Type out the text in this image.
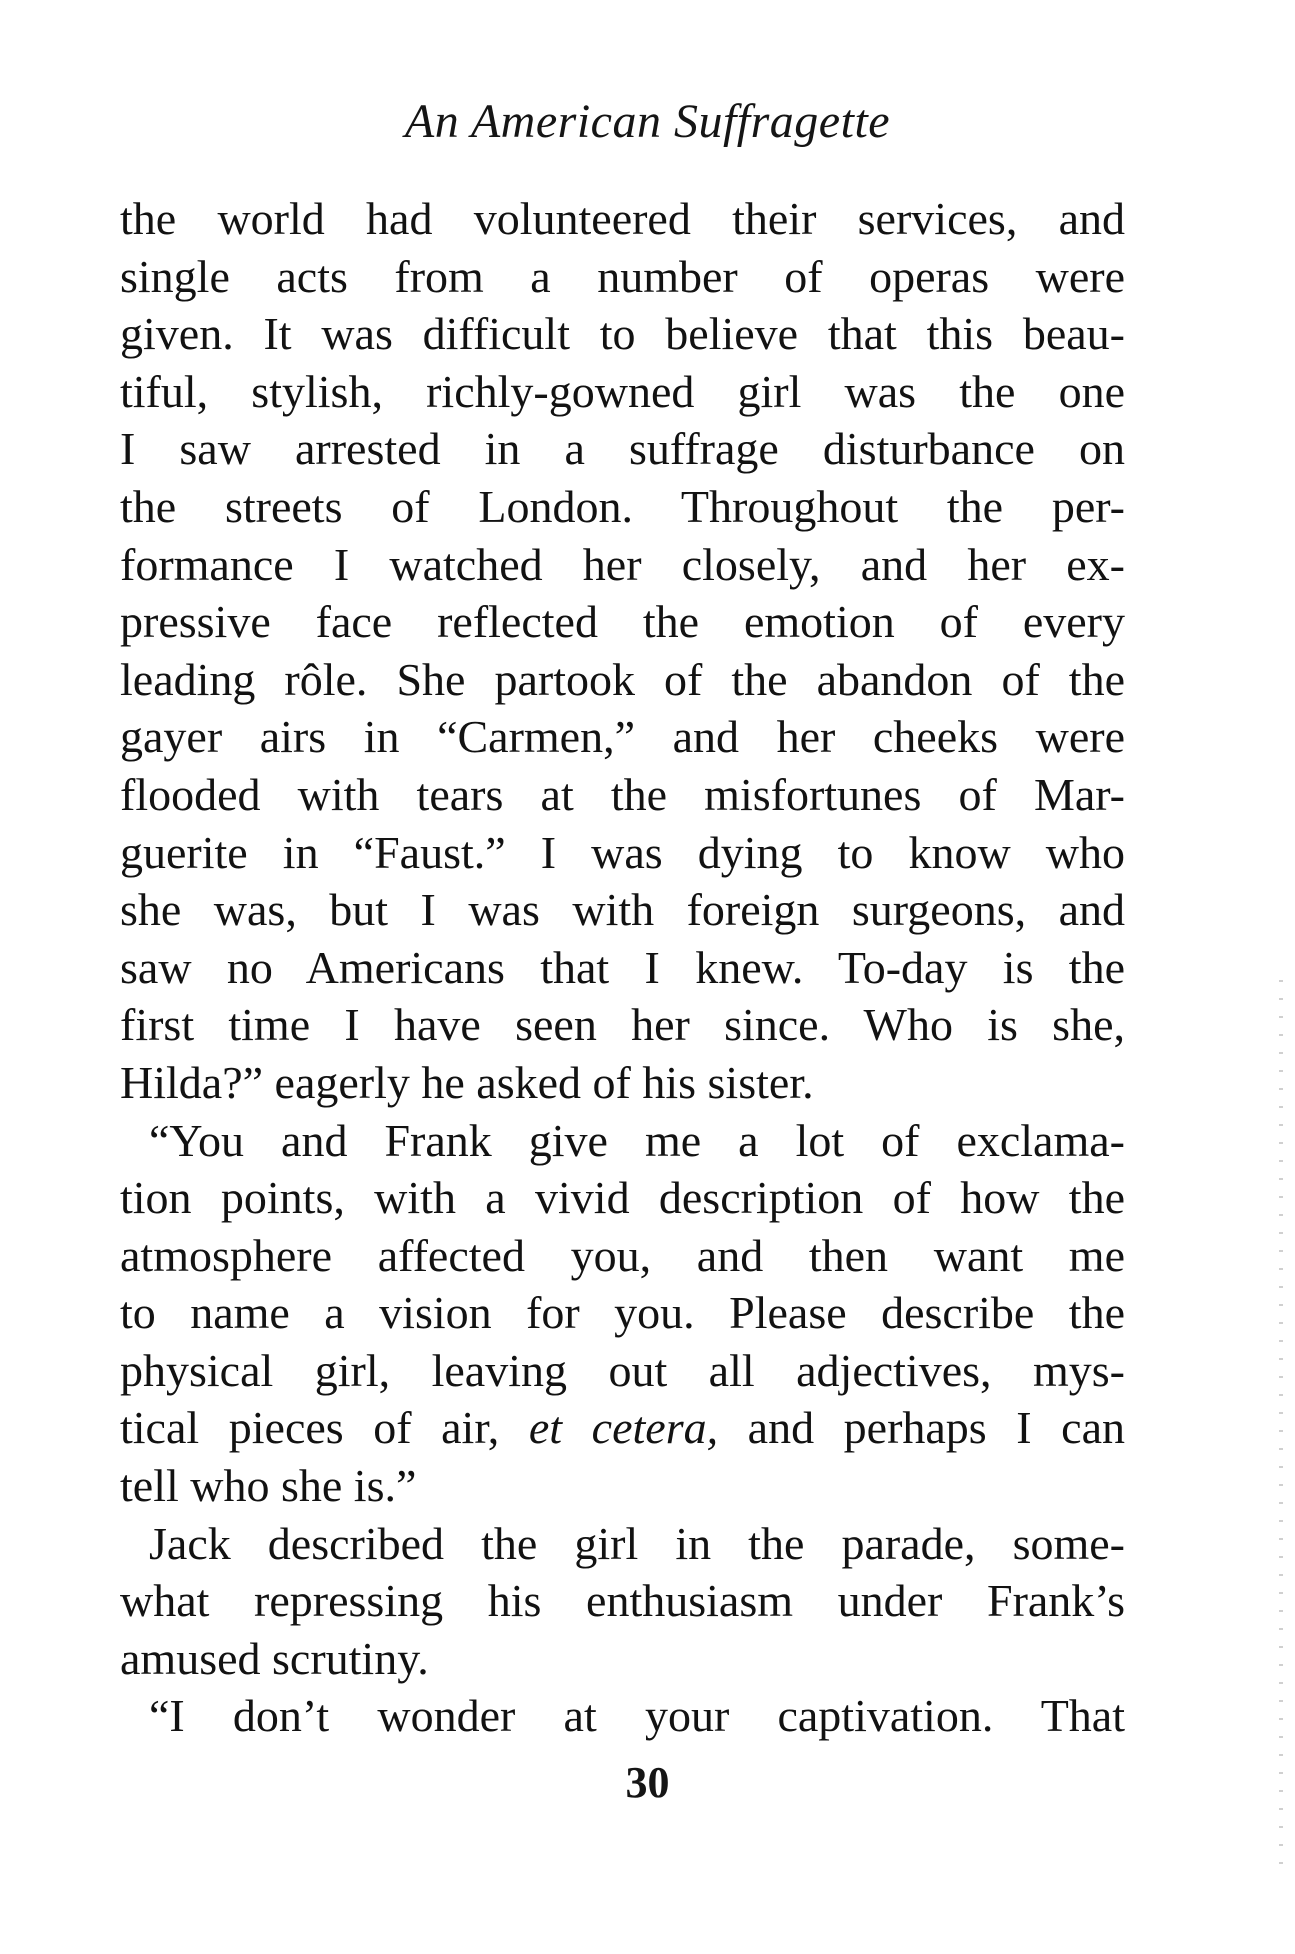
An American Suffragette
the world had volunteered their services, and
single acts from a number of operas were
given. It was difficult to believe that this beau-
tiful, stylish, richly-gowned girl was the one
I saw arrested in a suffrage disturbance on
the streets of London. Throughout the per-
formance I watched her closely, and her ex-
pressive face reflected the emotion of every
leading rôle. She partook of the abandon of the
gayer airs in “Carmen,” and her cheeks were
flooded with tears at the misfortunes of Mar-
guerite in “Faust.” I was dying to know who
she was, but I was with foreign surgeons, and
saw no Americans that I knew. To-day is the
first time I have seen her since. Who is she,
Hilda?” eagerly he asked of his sister.
“You and Frank give me a lot of exclama-
tion points, with a vivid description of how the
atmosphere affected you, and then want me
to name a vision for you. Please describe the
physical girl, leaving out all adjectives, mys-
tical pieces of air, et cetera, and perhaps I can
tell who she is.”
Jack described the girl in the parade, some-
what repressing his enthusiasm under Frank’s
amused scrutiny.
“I don’t wonder at your captivation. That
30
